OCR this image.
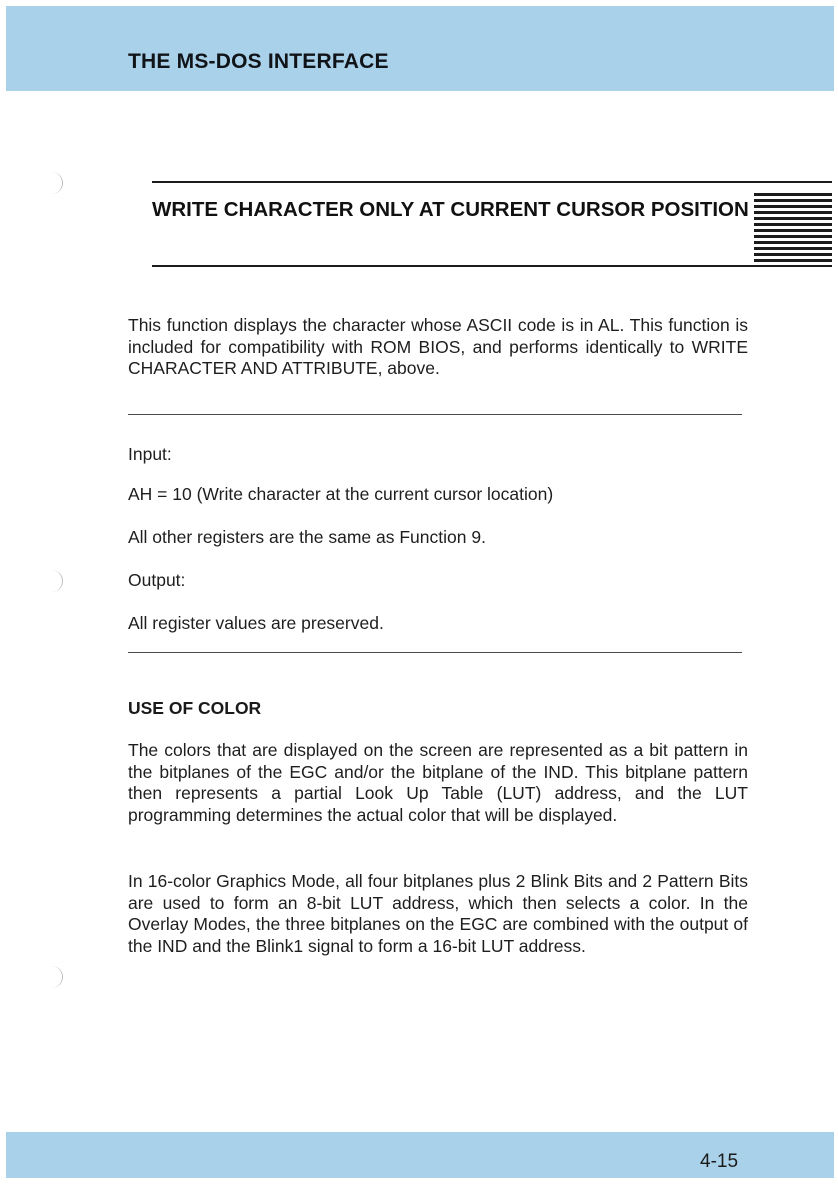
THE MS-DOS INTERFACE
WRITE CHARACTER ONLY AT CURRENT CURSOR POSITION

This function displays the character whose ASCII code is in AL. This function is included for compatibility with ROM BIOS, and performs identically to WRITE CHARACTER AND ATTRIBUTE, above.

Input:

AH = 10 (Write character at the current cursor location)

All other registers are the same as Function 9.

Output:

All register values are preserved.

USE OF COLOR

The colors that are displayed on the screen are represented as a bit pattern in the bitplanes of the EGC and/or the bitplane of the IND. This bitplane pattern then represents a partial Look Up Table (LUT) address, and the LUT programming determines the actual color that will be displayed.

In 16-color Graphics Mode, all four bitplanes plus 2 Blink Bits and 2 Pattern Bits are used to form an 8-bit LUT address, which then selects a color. In the Overlay Modes, the three bitplanes on the EGC are combined with the output of the IND and the Blink1 signal to form a 16-bit LUT address.

4-15
